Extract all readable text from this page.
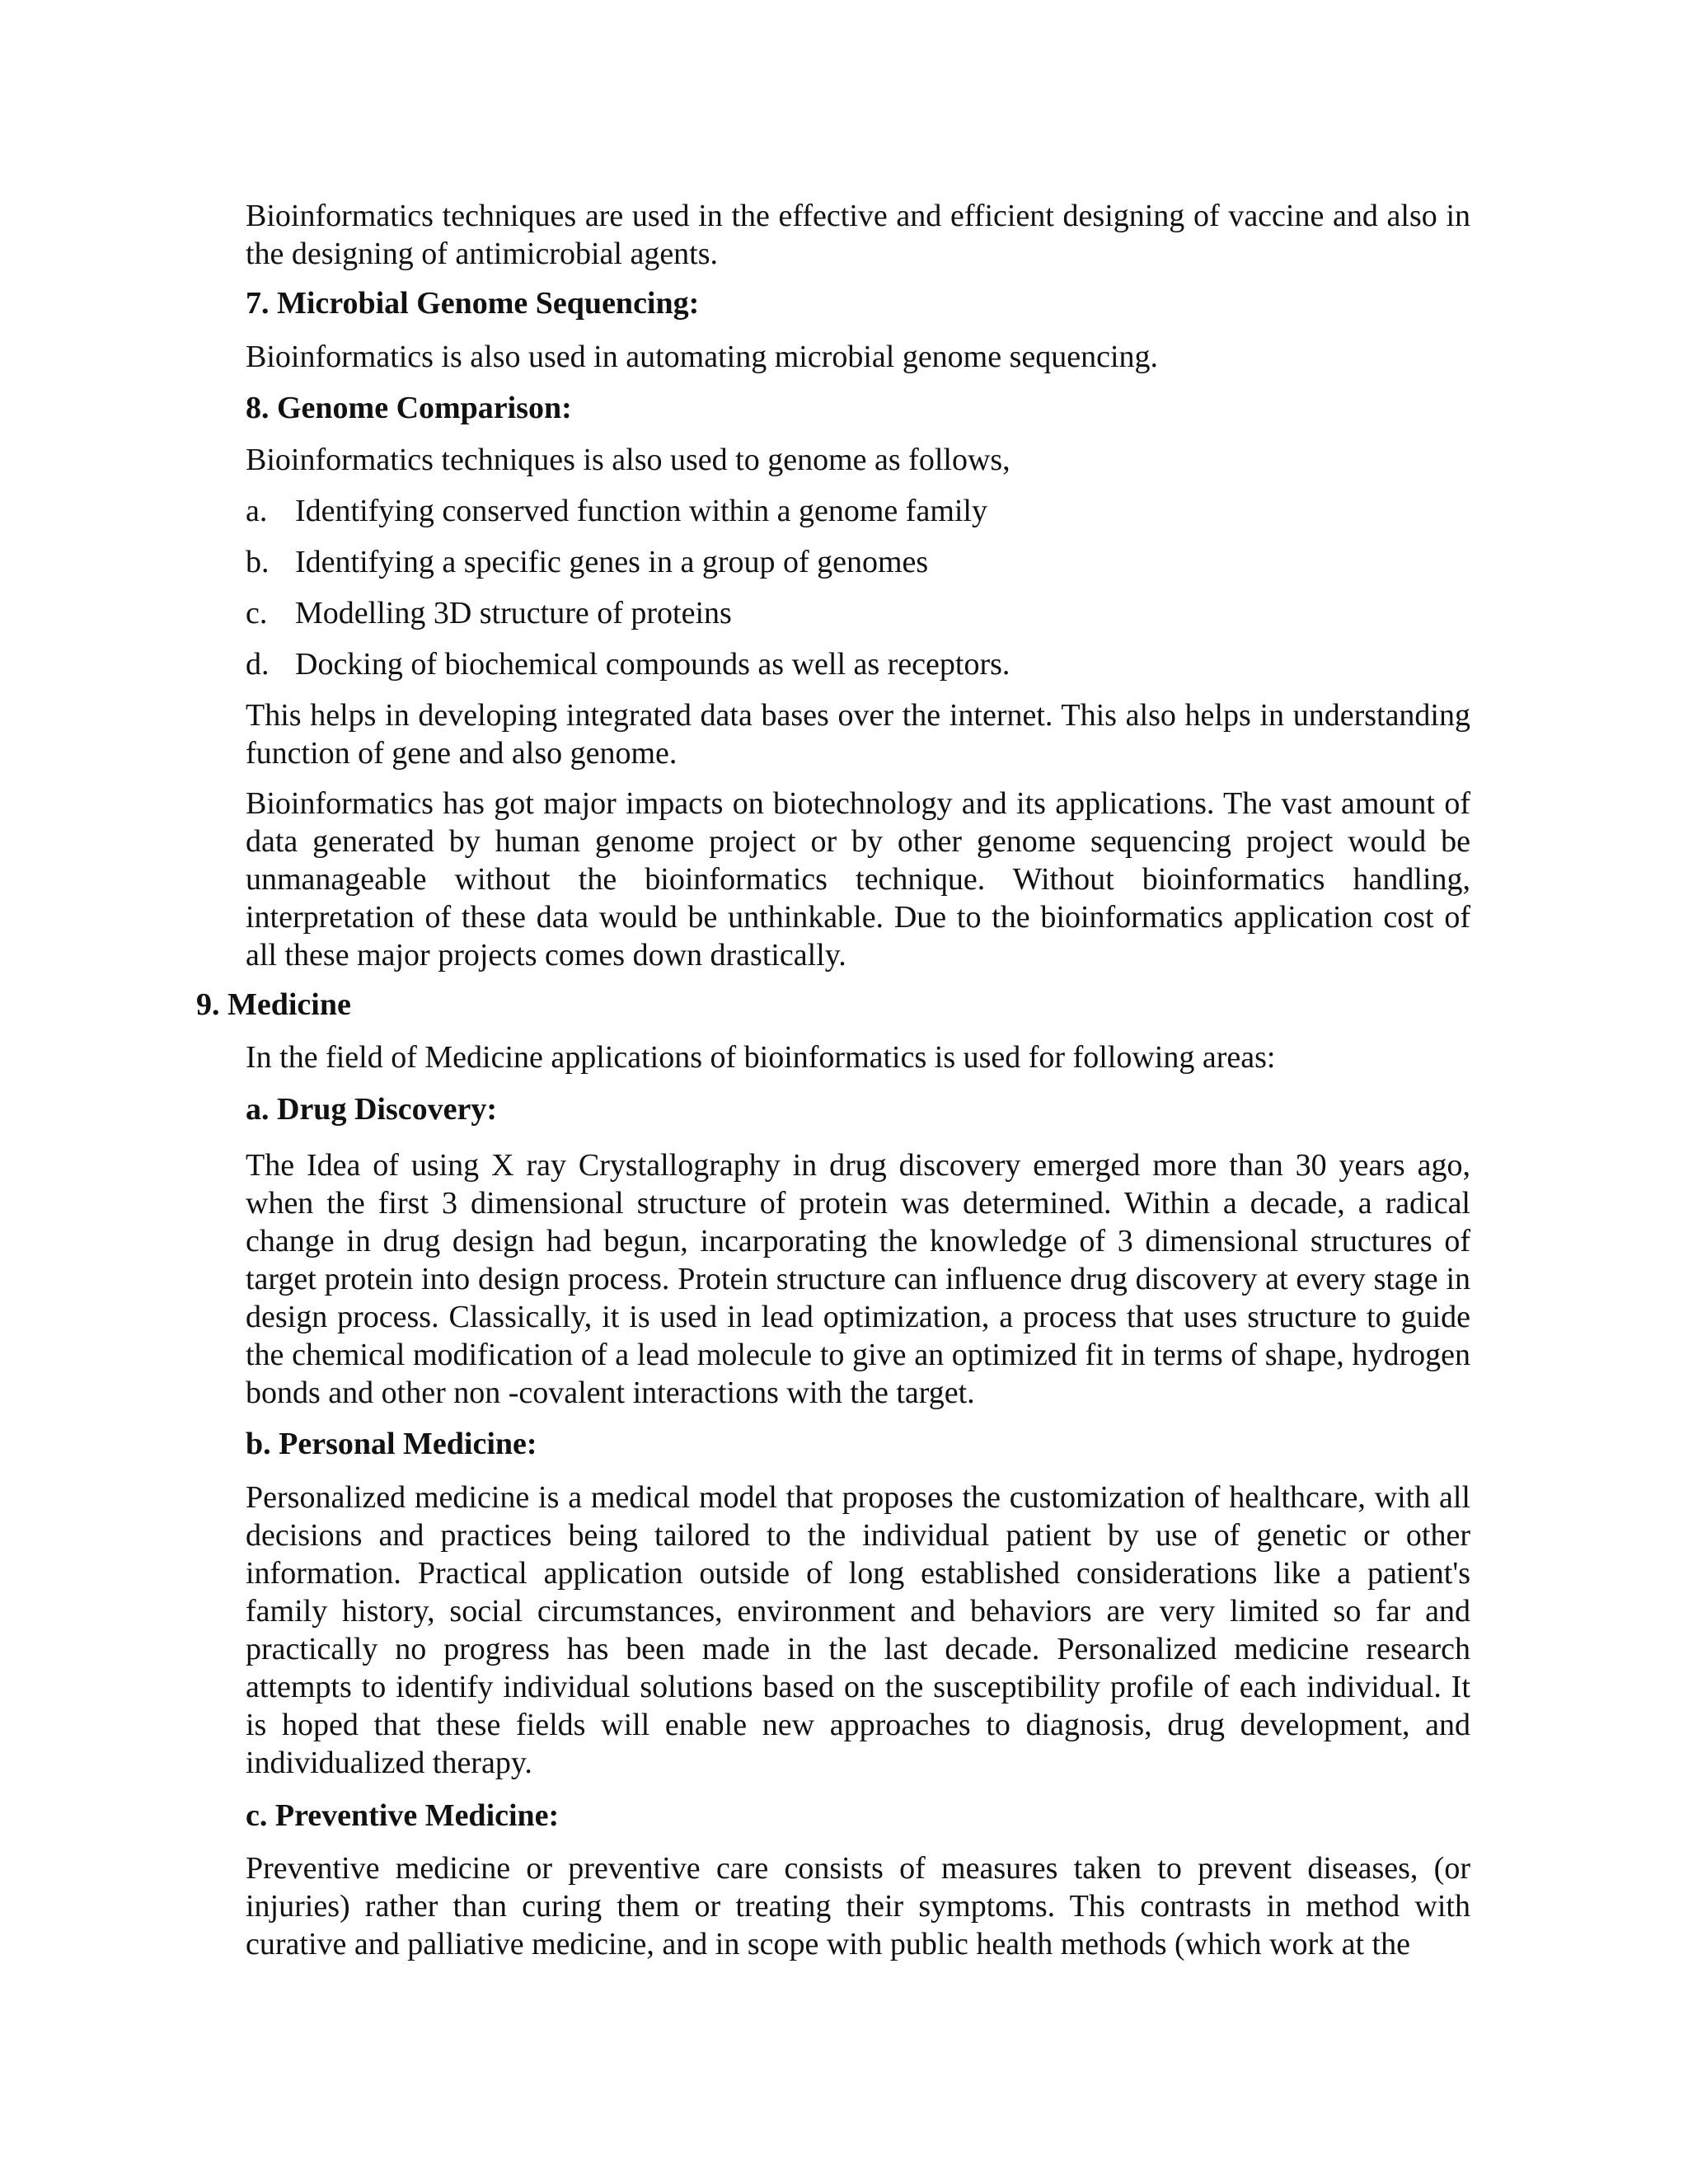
Bioinformatics techniques are used in the effective and efficient designing of vaccine and also in the designing of antimicrobial agents.

7. Microbial Genome Sequencing:

Bioinformatics is also used in automating microbial genome sequencing.

8. Genome Comparison:

Bioinformatics techniques is also used to genome as follows,

a. Identifying conserved function within a genome family

b. Identifying a specific genes in a group of genomes

c. Modelling 3D structure of proteins

d. Docking of biochemical compounds as well as receptors.

This helps in developing integrated data bases over the internet. This also helps in understanding function of gene and also genome.

Bioinformatics has got major impacts on biotechnology and its applications. The vast amount of data generated by human genome project or by other genome sequencing project would be unmanageable without the bioinformatics technique. Without bioinformatics handling, interpretation of these data would be unthinkable. Due to the bioinformatics application cost of all these major projects comes down drastically.

9. Medicine

In the field of Medicine applications of bioinformatics is used for following areas:

a. Drug Discovery:

The Idea of using X ray Crystallography in drug discovery emerged more than 30 years ago, when the first 3 dimensional structure of protein was determined. Within a decade, a radical change in drug design had begun, incarporating the knowledge of 3 dimensional structures of target protein into design process. Protein structure can influence drug discovery at every stage in design process. Classically, it is used in lead optimization, a process that uses structure to guide the chemical modification of a lead molecule to give an optimized fit in terms of shape, hydrogen bonds and other non -covalent interactions with the target.

b. Personal Medicine:

Personalized medicine is a medical model that proposes the customization of healthcare, with all decisions and practices being tailored to the individual patient by use of genetic or other information. Practical application outside of long established considerations like a patient's family history, social circumstances, environment and behaviors are very limited so far and practically no progress has been made in the last decade. Personalized medicine research attempts to identify individual solutions based on the susceptibility profile of each individual. It is hoped that these fields will enable new approaches to diagnosis, drug development, and individualized therapy.

c. Preventive Medicine:

Preventive medicine or preventive care consists of measures taken to prevent diseases, (or injuries) rather than curing them or treating their symptoms. This contrasts in method with curative and palliative medicine, and in scope with public health methods (which work at the
